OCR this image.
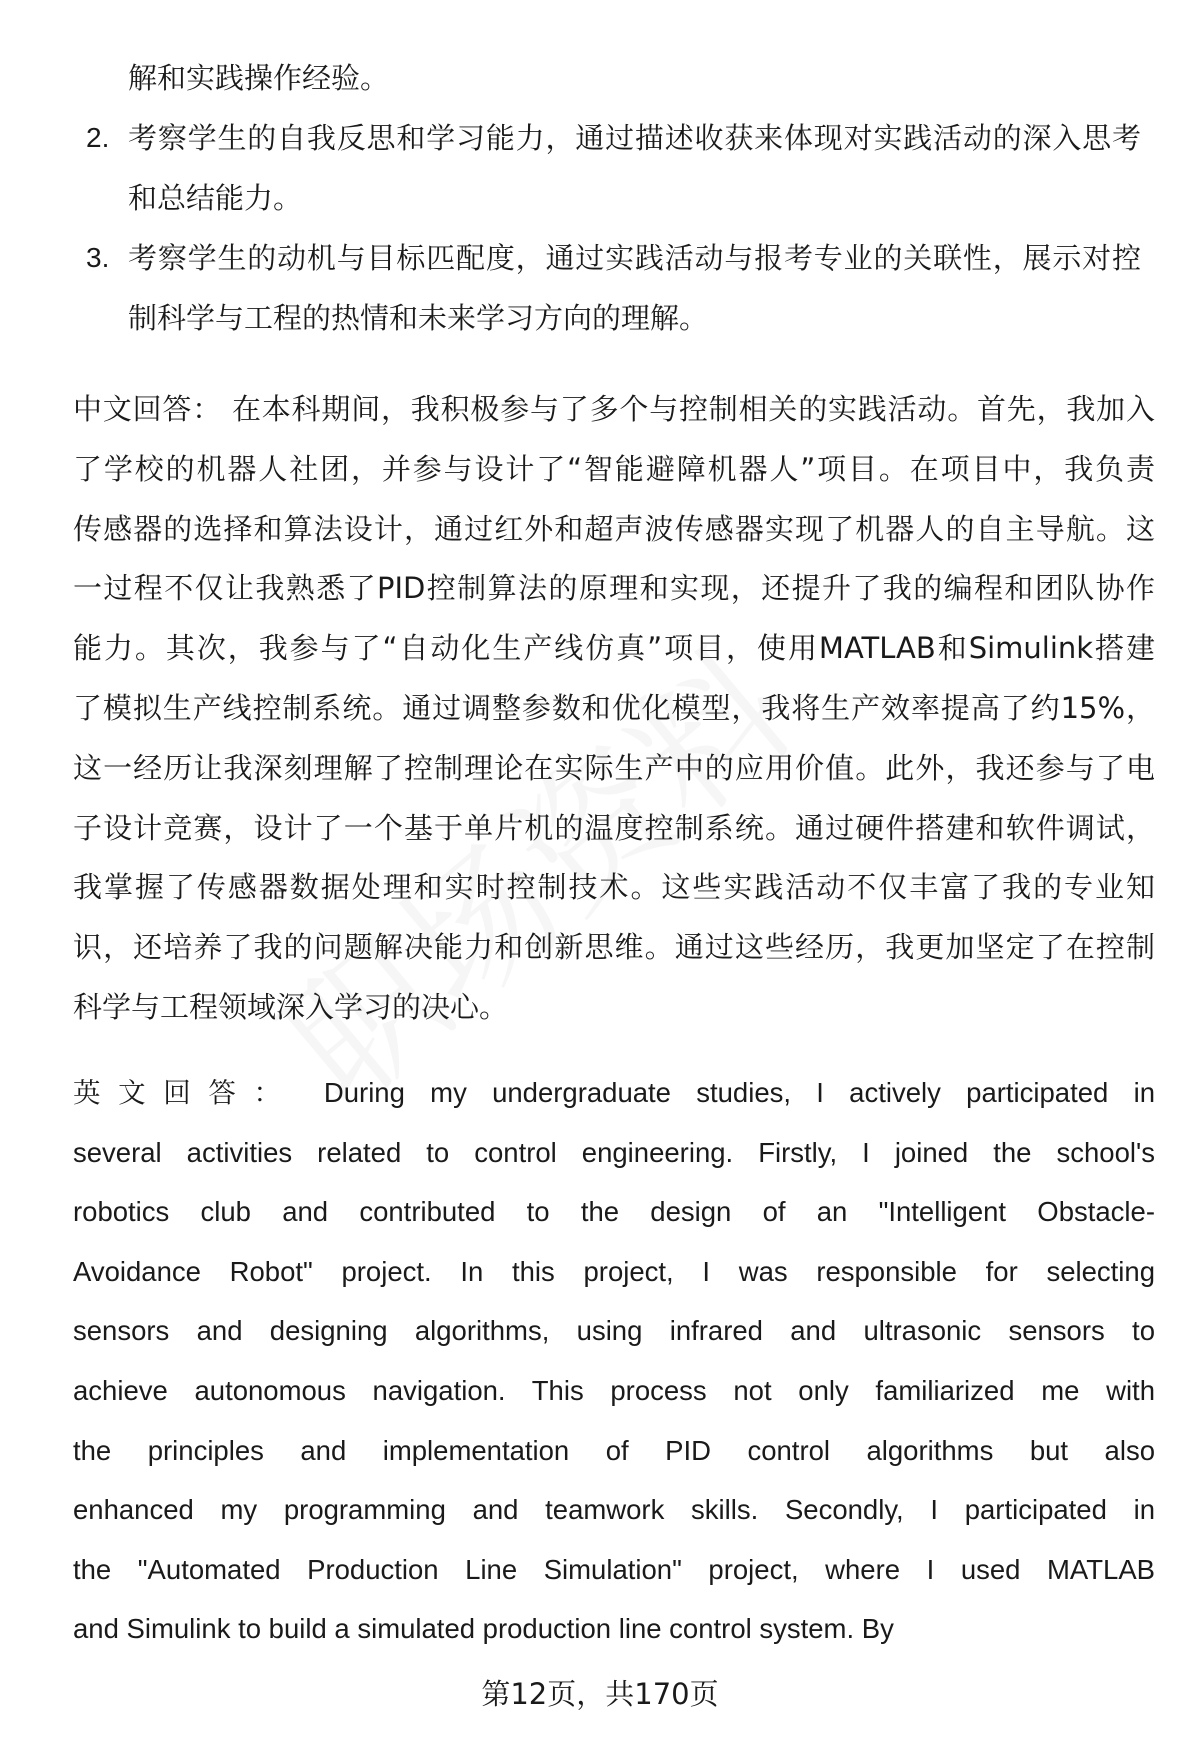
解和实践操作经验。
2. 考察学生的自我反思和学习能力，通过描述收获来体现对实践活动的深入思考
和总结能力。
3. 考察学生的动机与目标匹配度，通过实践活动与报考专业的关联性，展示对控
制科学与工程的热情和未来学习方向的理解。
中文回答： 在本科期间，我积极参与了多个与控制相关的实践活动。首先，我加入
了学校的机器人社团，并参与设计了“智能避障机器人”项目。在项目中，我负责
传感器的选择和算法设计，通过红外和超声波传感器实现了机器人的自主导航。这
一过程不仅让我熟悉了PID控制算法的原理和实现，还提升了我的编程和团队协作
能力。其次，我参与了“自动化生产线仿真”项目，使用MATLAB和Simulink搭建
了模拟生产线控制系统。通过调整参数和优化模型，我将生产效率提高了约15%，
这一经历让我深刻理解了控制理论在实际生产中的应用价值。此外，我还参与了电
子设计竞赛，设计了一个基于单片机的温度控制系统。通过硬件搭建和软件调试，
我掌握了传感器数据处理和实时控制技术。这些实践活动不仅丰富了我的专业知
识，还培养了我的问题解决能力和创新思维。通过这些经历，我更加坚定了在控制
科学与工程领域深入学习的决心。
英文回答： During my undergraduate studies, I actively participated in
several activities related to control engineering. Firstly, I joined the school's
robotics club and contributed to the design of an "Intelligent Obstacle-
Avoidance Robot" project. In this project, I was responsible for selecting
sensors and designing algorithms, using infrared and ultrasonic sensors to
achieve autonomous navigation. This process not only familiarized me with
the principles and implementation of PID control algorithms but also
enhanced my programming and teamwork skills. Secondly, I participated in
the "Automated Production Line Simulation" project, where I used MATLAB
and Simulink to build a simulated production line control system. By
第12页，共170页
